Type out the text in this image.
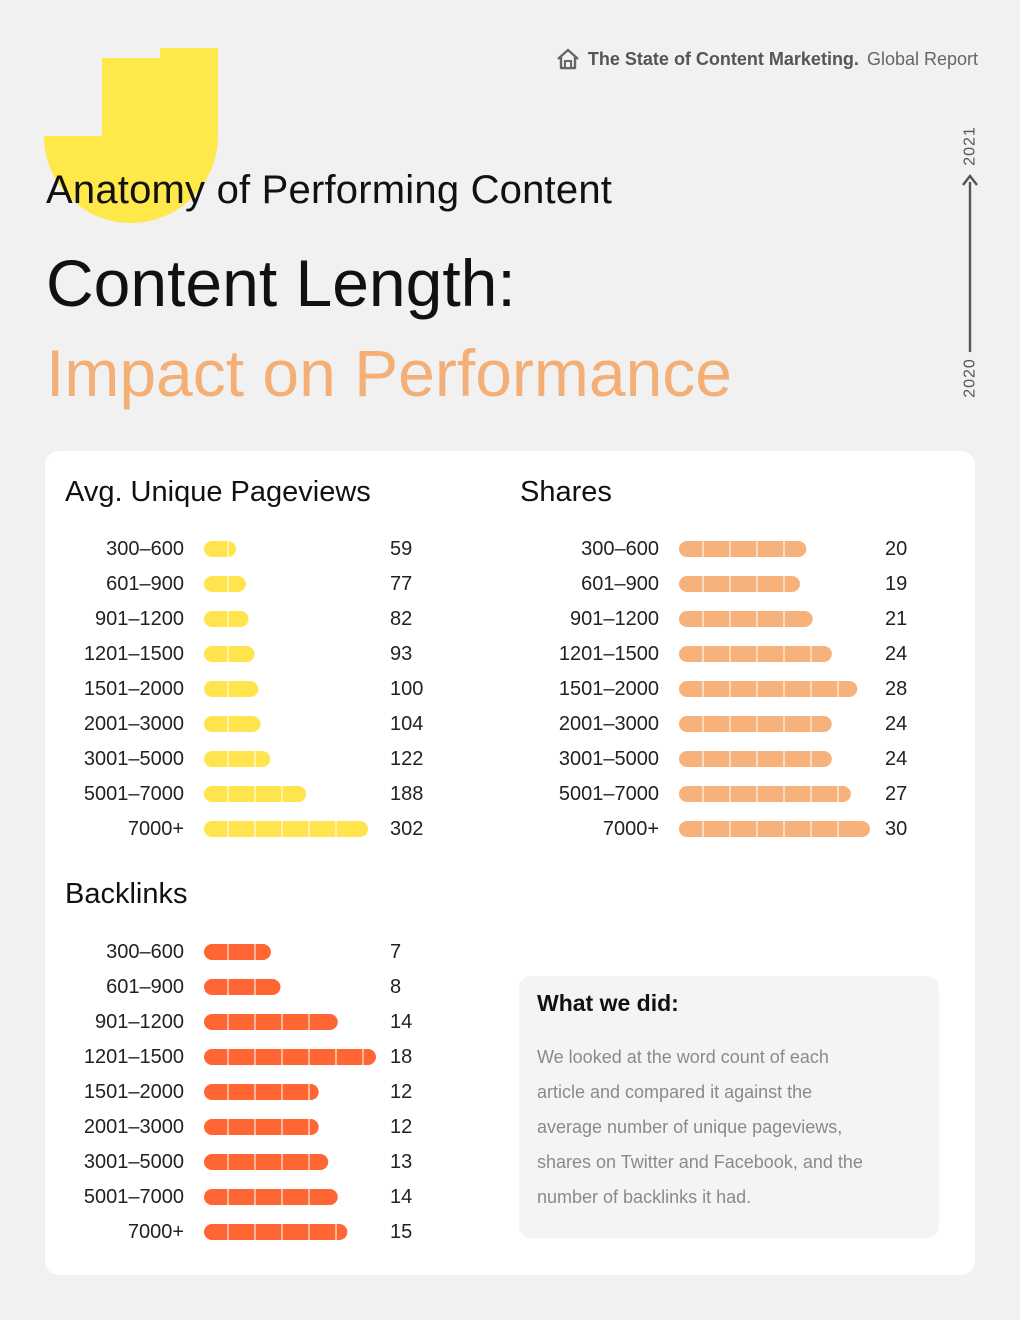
The State of Content Marketing. Global Report
2021
2020
Anatomy of Performing Content
Content Length:
Impact on Performance
Avg. Unique Pageviews
300–600	59
601–900	77
901–1200	82
1201–1500	93
1501–2000	100
2001–3000	104
3001–5000	122
5001–7000	188
7000+	302
Shares
300–600	20
601–900	19
901–1200	21
1201–1500	24
1501–2000	28
2001–3000	24
3001–5000	24
5001–7000	27
7000+	30
Backlinks
300–600	7
601–900	8
901–1200	14
1201–1500	18
1501–2000	12
2001–3000	12
3001–5000	13
5001–7000	14
7000+	15
What we did:
We looked at the word count of each article and compared it against the average number of unique pageviews, shares on Twitter and Facebook, and the number of backlinks it had.
